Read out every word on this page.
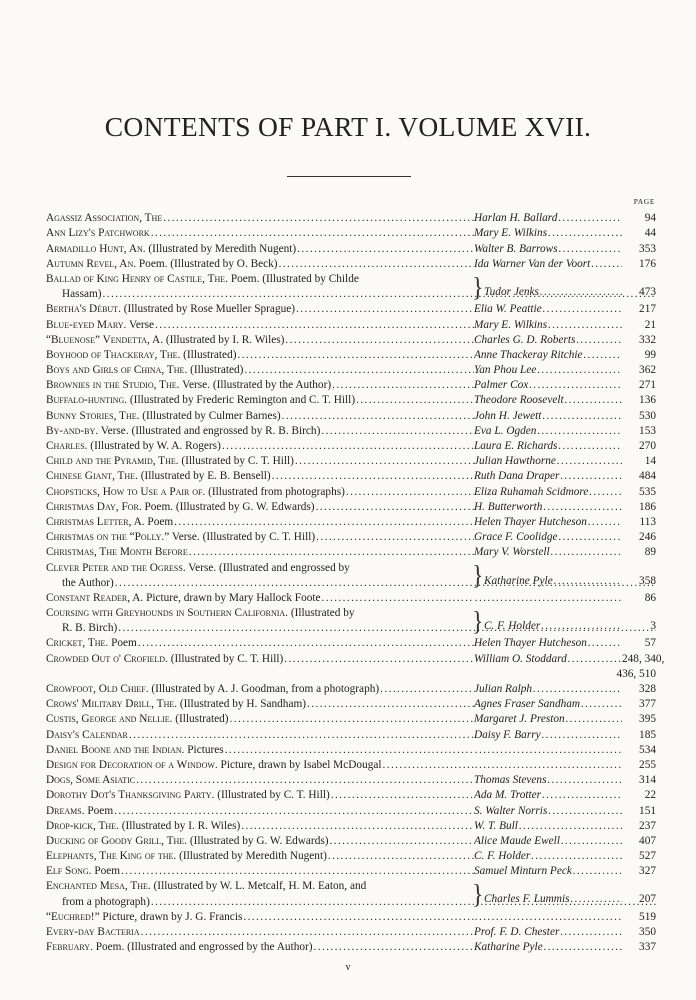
CONTENTS OF PART I. VOLUME XVII.
PAGE
Agassiz Association, The .....	Harlan H. Ballard .....	94
Ann Lizy's Patchwork .....	Mary E. Wilkins .....	44
Armadillo Hunt, An. (Illustrated by Meredith Nugent) .....	Walter B. Barrows .....	353
Autumn Revel, An. Poem. (Illustrated by O. Beck) .....	Ida Warner Van der Voort .....	176
Ballad of King Henry of Castile, The. Poem. (Illustrated by Childe
Hassam) .....	} Tudor Jenks .....	473
Bertha's Début. (Illustrated by Rose Mueller Sprague) .....	Elia W. Peattie .....	217
Blue-eyed Mary. Verse .....	Mary E. Wilkins .....	21
“Bluenose” Vendetta, A. (Illustrated by I. R. Wiles) .....	Charles G. D. Roberts .....	332
Boyhood of Thackeray, The. (Illustrated) .....	Anne Thackeray Ritchie .....	99
Boys and Girls of China, The. (Illustrated) .....	Yan Phou Lee .....	362
Brownies in the Studio, The. Verse. (Illustrated by the Author) .....	Palmer Cox .....	271
Buffalo-hunting. (Illustrated by Frederic Remington and C. T. Hill) .....	Theodore Roosevelt .....	136
Bunny Stories, The. (Illustrated by Culmer Barnes) .....	John H. Jewett .....	530
By-and-by. Verse. (Illustrated and engrossed by R. B. Birch) .....	Eva L. Ogden .....	153
Charles. (Illustrated by W. A. Rogers) .....	Laura E. Richards .....	270
Child and the Pyramid, The. (Illustrated by C. T. Hill) .....	Julian Hawthorne .....	14
Chinese Giant, The. (Illustrated by E. B. Bensell) .....	Ruth Dana Draper .....	484
Chopsticks, How to Use a Pair of. (Illustrated from photographs) .....	Eliza Ruhamah Scidmore .....	535
Christmas Day, For. Poem. (Illustrated by G. W. Edwards) .....	H. Butterworth .....	186
Christmas Letter, A. Poem .....	Helen Thayer Hutcheson .....	113
Christmas on the “Polly.” Verse. (Illustrated by C. T. Hill) .....	Grace F. Coolidge .....	246
Christmas, The Month Before .....	Mary V. Worstell .....	89
Clever Peter and the Ogress. Verse. (Illustrated and engrossed by
the Author) .....	} Katharine Pyle .....	358
Constant Reader, A. Picture, drawn by Mary Hallock Foote ..... .....	86
Coursing with Greyhounds in Southern California. (Illustrated by
R. B. Birch) .....	} C. F. Holder .....	3
Cricket, The. Poem .....	Helen Thayer Hutcheson .....	57
Crowded Out o' Crofield. (Illustrated by C. T. Hill) .....	William O. Stoddard .....	248, 340,
436, 510
Crowfoot, Old Chief. (Illustrated by A. J. Goodman, from a photograph) .....	Julian Ralph .....	328
Crows' Military Drill, The. (Illustrated by H. Sandham) .....	Agnes Fraser Sandham .....	377
Custis, George and Nellie. (Illustrated) .....	Margaret J. Preston .....	395
Daisy's Calendar .....	Daisy F. Barry .....	185
Daniel Boone and the Indian. Pictures ..... .....	534
Design for Decoration of a Window. Picture, drawn by Isabel McDougal ..... .....	255
Dogs, Some Asiatic .....	Thomas Stevens .....	314
Dorothy Dot's Thanksgiving Party. (Illustrated by C. T. Hill) .....	Ada M. Trotter .....	22
Dreams. Poem .....	S. Walter Norris .....	151
Drop-kick, The. (Illustrated by I. R. Wiles) .....	W. T. Bull .....	237
Ducking of Goody Grill, The. (Illustrated by G. W. Edwards) .....	Alice Maude Ewell .....	407
Elephants, The King of the. (Illustrated by Meredith Nugent) .....	C. F. Holder .....	527
Elf Song. Poem .....	Samuel Minturn Peck .....	327
Enchanted Mesa, The. (Illustrated by W. L. Metcalf, H. M. Eaton, and
from a photograph) .....	} Charles F. Lummis .....	207
“Euchred!” Picture, drawn by J. G. Francis ..... .....	519
Every-day Bacteria .....	Prof. F. D. Chester .....	350
February. Poem. (Illustrated and engrossed by the Author) .....	Katharine Pyle .....	337
v
